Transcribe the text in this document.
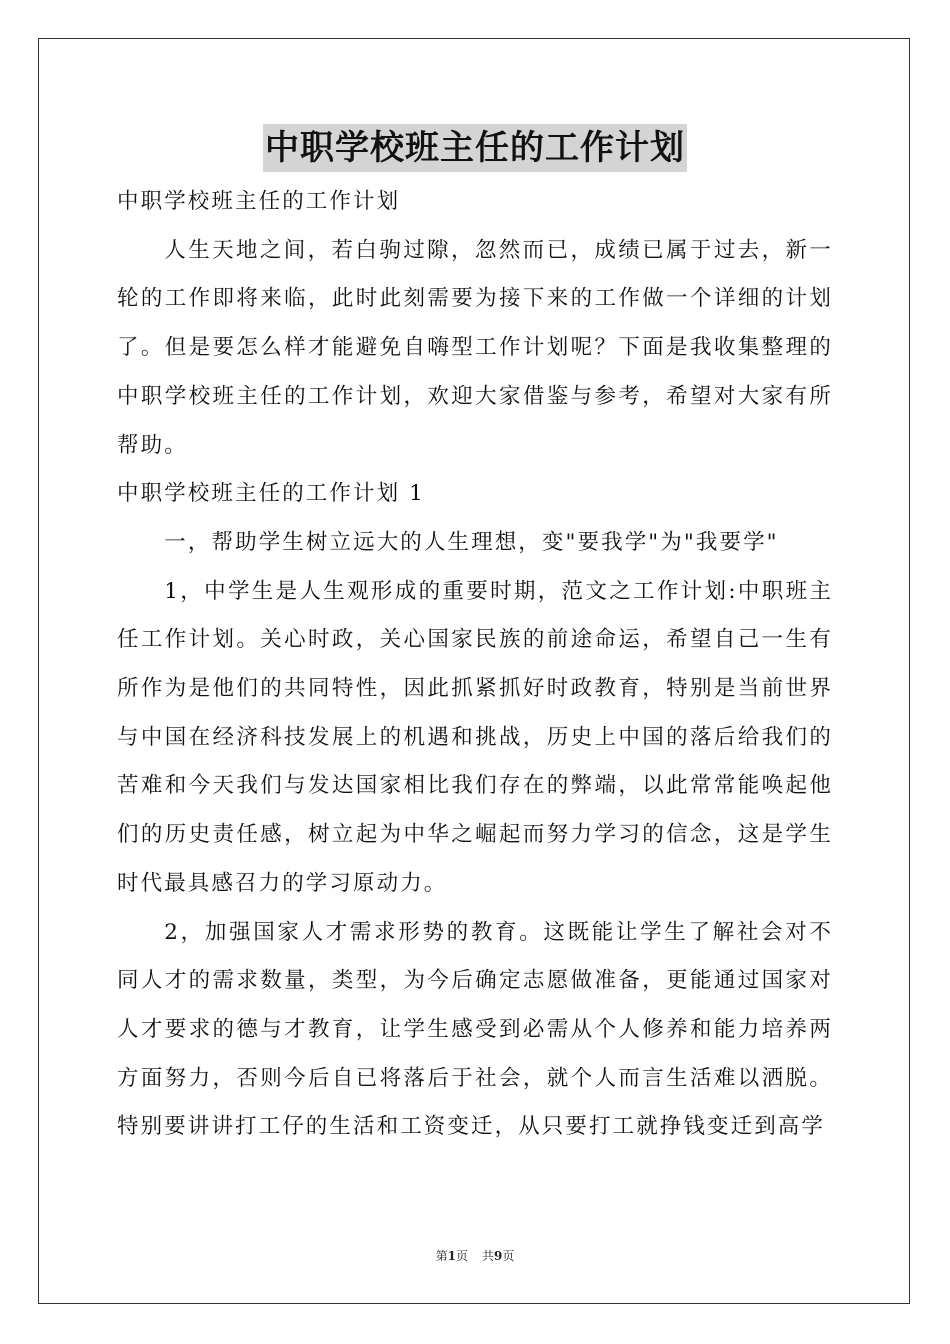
中职学校班主任的工作计划

中职学校班主任的工作计划

人生天地之间，若白驹过隙，忽然而已，成绩已属于过去，新一轮的工作即将来临，此时此刻需要为接下来的工作做一个详细的计划了。但是要怎么样才能避免自嗨型工作计划呢？下面是我收集整理的中职学校班主任的工作计划，欢迎大家借鉴与参考，希望对大家有所帮助。

中职学校班主任的工作计划 1

一，帮助学生树立远大的人生理想，变"要我学"为"我要学"

1，中学生是人生观形成的重要时期，范文之工作计划:中职班主任工作计划。关心时政，关心国家民族的前途命运，希望自己一生有所作为是他们的共同特性，因此抓紧抓好时政教育，特别是当前世界与中国在经济科技发展上的机遇和挑战，历史上中国的落后给我们的苦难和今天我们与发达国家相比我们存在的弊端，以此常常能唤起他们的历史责任感，树立起为中华之崛起而努力学习的信念，这是学生时代最具感召力的学习原动力。

2，加强国家人才需求形势的教育。这既能让学生了解社会对不同人才的需求数量，类型，为今后确定志愿做准备，更能通过国家对人才要求的德与才教育，让学生感受到必需从个人修养和能力培养两方面努力，否则今后自已将落后于社会，就个人而言生活难以洒脱。特别要讲讲打工仔的生活和工资变迁，从只要打工就挣钱变迁到高学

第1页 共9页
